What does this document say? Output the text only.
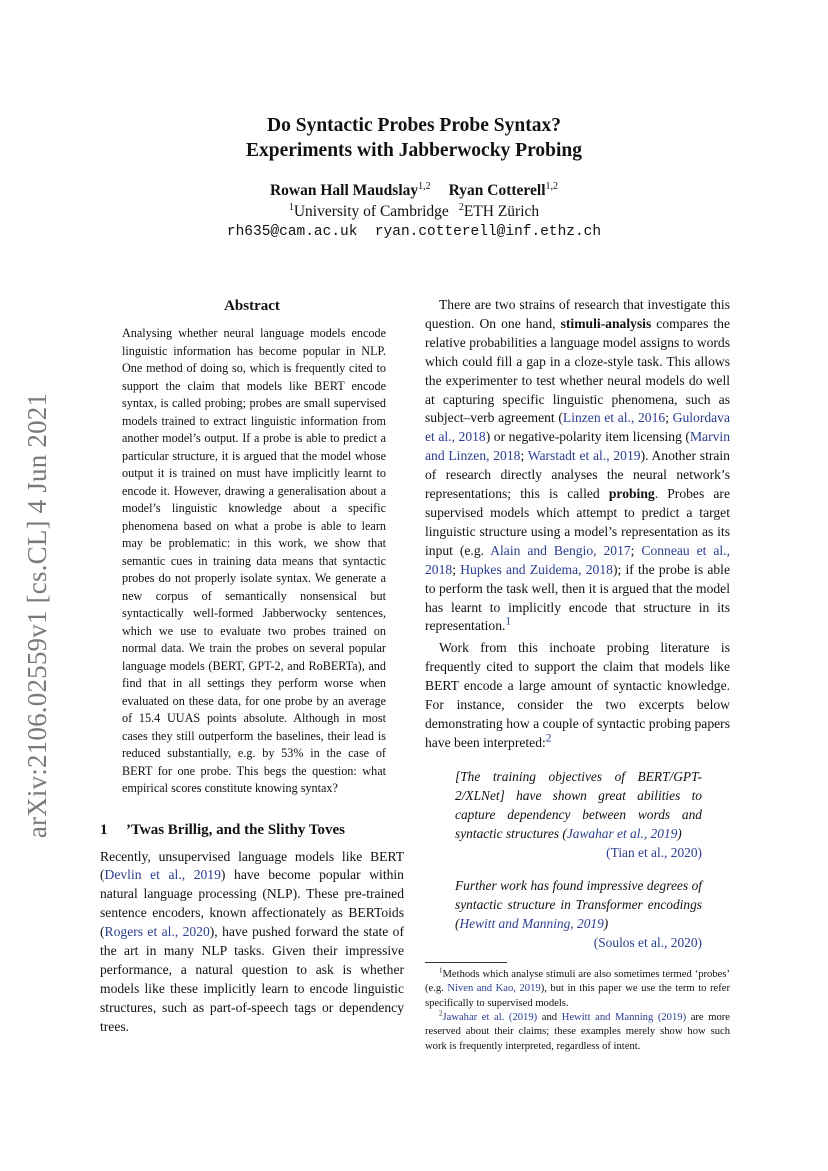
arXiv:2106.02559v1 [cs.CL] 4 Jun 2021
Do Syntactic Probes Probe Syntax?
Experiments with Jabberwocky Probing
Rowan Hall Maudslay$^{1,2}$ Ryan Cotterell$^{1,2}$
$^1$University of Cambridge $^2$ETH Zürich
rh635@cam.ac.uk ryan.cotterell@inf.ethz.ch
Abstract

Analysing whether neural language models encode linguistic information has become popular in NLP. One method of doing so, which is frequently cited to support the claim that models like BERT encode syntax, is called probing; probes are small supervised models trained to extract linguistic information from another model’s output. If a probe is able to predict a particular structure, it is argued that the model whose output it is trained on must have implicitly learnt to encode it. However, drawing a generalisation about a model’s linguistic knowledge about a specific phenomena based on what a probe is able to learn may be problematic: in this work, we show that semantic cues in training data means that syntactic probes do not properly isolate syntax. We generate a new corpus of semantically nonsensical but syntactically well-formed Jabberwocky sentences, which we use to evaluate two probes trained on normal data. We train the probes on several popular language models (BERT, GPT-2, and RoBERTa), and find that in all settings they perform worse when evaluated on these data, for one probe by an average of 15.4 UUAS points absolute. Although in most cases they still outperform the baselines, their lead is reduced substantially, e.g. by 53% in the case of BERT for one probe. This begs the question: what empirical scores constitute knowing syntax?

1 ’Twas Brillig, and the Slithy Toves

Recently, unsupervised language models like BERT (Devlin et al., 2019) have become popular within natural language processing (NLP). These pre-trained sentence encoders, known affectionately as BERToids (Rogers et al., 2020), have pushed forward the state of the art in many NLP tasks. Given their impressive performance, a natural question to ask is whether models like these implicitly learn to encode linguistic structures, such as part-of-speech tags or dependency trees.

There are two strains of research that investigate this question. On one hand, stimuli-analysis compares the relative probabilities a language model assigns to words which could fill a gap in a cloze-style task. This allows the experimenter to test whether neural models do well at capturing specific linguistic phenomena, such as subject–verb agreement (Linzen et al., 2016; Gulordava et al., 2018) or negative-polarity item licensing (Marvin and Linzen, 2018; Warstadt et al., 2019). Another strain of research directly analyses the neural network’s representations; this is called probing. Probes are supervised models which attempt to predict a target linguistic structure using a model’s representation as its input (e.g. Alain and Bengio, 2017; Conneau et al., 2018; Hupkes and Zuidema, 2018); if the probe is able to perform the task well, then it is argued that the model has learnt to implicitly encode that structure in its representation.$^1$

Work from this inchoate probing literature is frequently cited to support the claim that models like BERT encode a large amount of syntactic knowledge. For instance, consider the two excerpts below demonstrating how a couple of syntactic probing papers have been interpreted:$^2$

[The training objectives of BERT/GPT-2/XLNet] have shown great abilities to capture dependency between words and syntactic structures (Jawahar et al., 2019)
(Tian et al., 2020)
Further work has found impressive degrees of syntactic structure in Transformer encodings (Hewitt and Manning, 2019)
(Soulos et al., 2020)

$^1$Methods which analyse stimuli are also sometimes termed ‘probes’ (e.g. Niven and Kao, 2019), but in this paper we use the term to refer specifically to supervised models.

$^2$Jawahar et al. (2019) and Hewitt and Manning (2019) are more reserved about their claims; these examples merely show how such work is frequently interpreted, regardless of intent.
